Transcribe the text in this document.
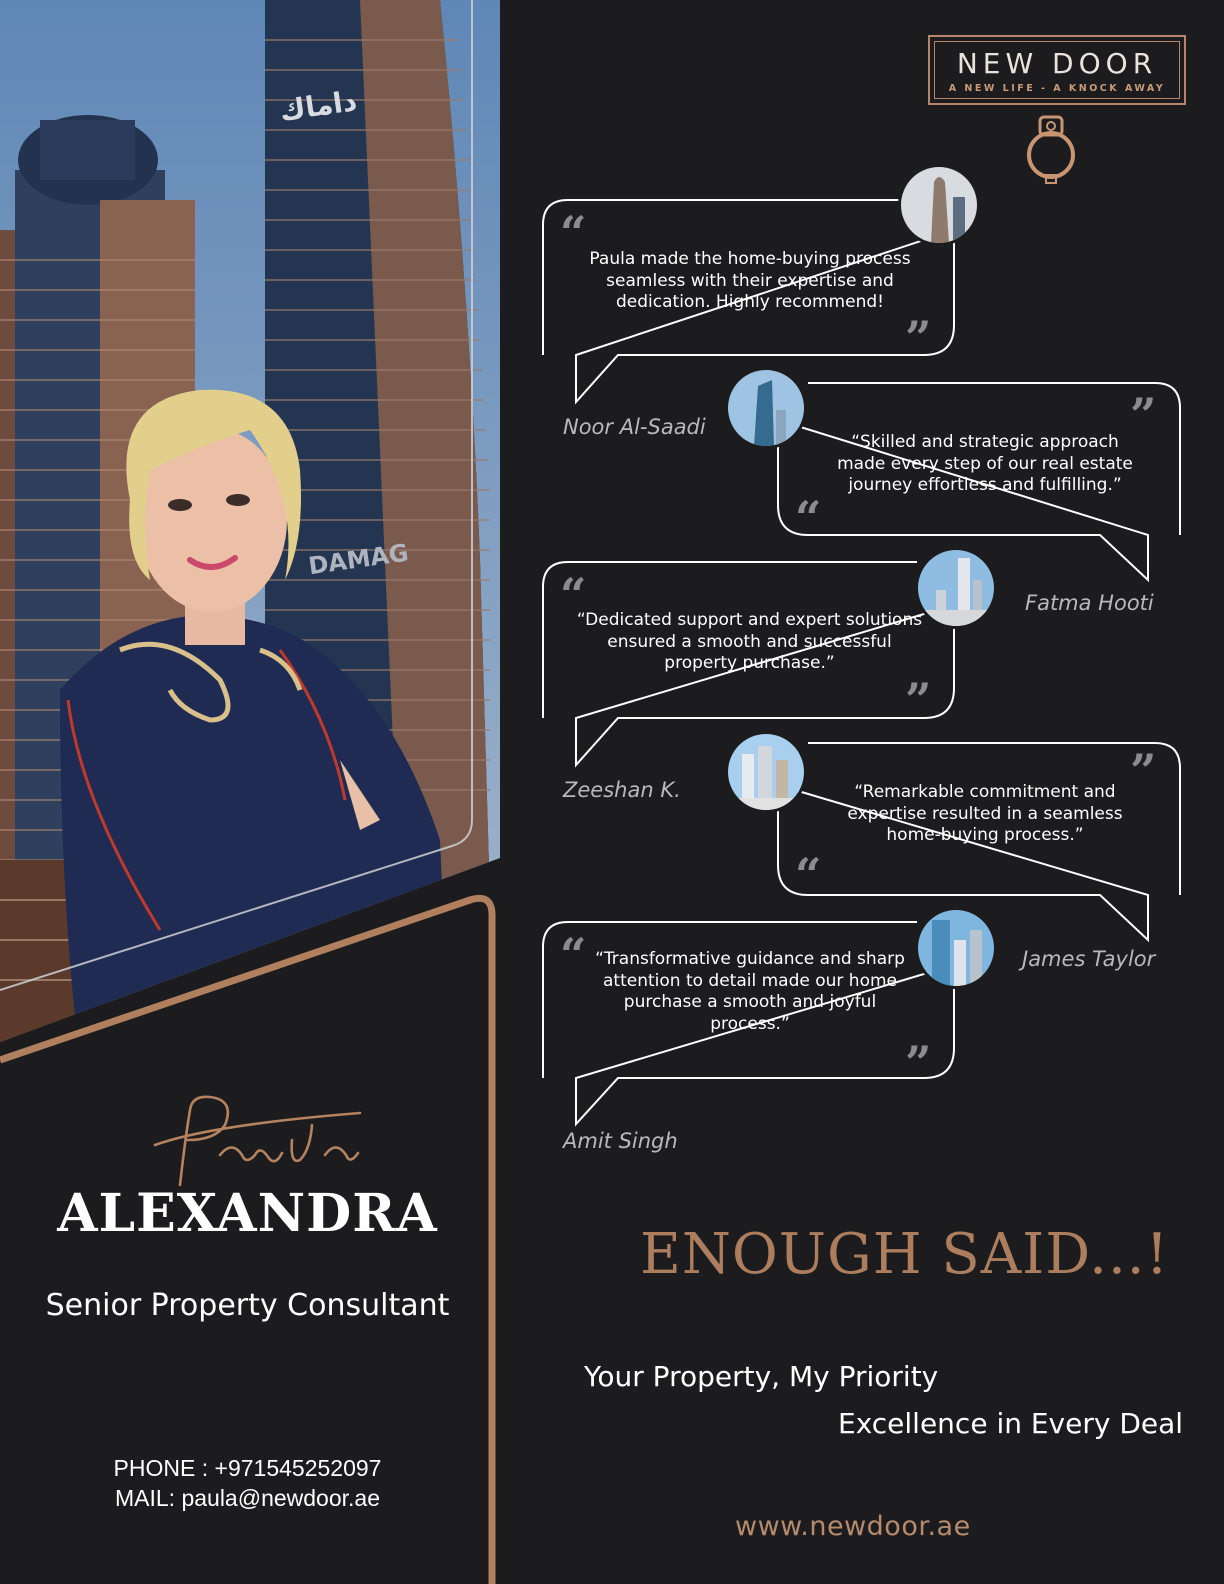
ﺩﺍﻣﺎﻙ
DAMAG
ALEXANDRA
Senior Property Consultant
PHONE : +971545252097
MAIL: paula@newdoor.ae
NEW DOOR
A NEW LIFE - A KNOCK AWAY
“
”
”
“
“
”
”
“
“
”
Paula made the home-buying process seamless with their expertise and dedication. Highly recommend!
“Skilled and strategic approach made every step of our real estate journey effortless and fulfilling.”
“Dedicated support and expert solutions ensured a smooth and successful property purchase.”
“Remarkable commitment and expertise resulted in a seamless home-buying process.”
“Transformative guidance and sharp attention to detail made our home purchase a smooth and joyful process.”
Noor Al-Saadi
Fatma Hooti
Zeeshan K.
James Taylor
Amit Singh
ENOUGH SAID...!
Your Property, My Priority
Excellence in Every Deal
www.newdoor.ae
